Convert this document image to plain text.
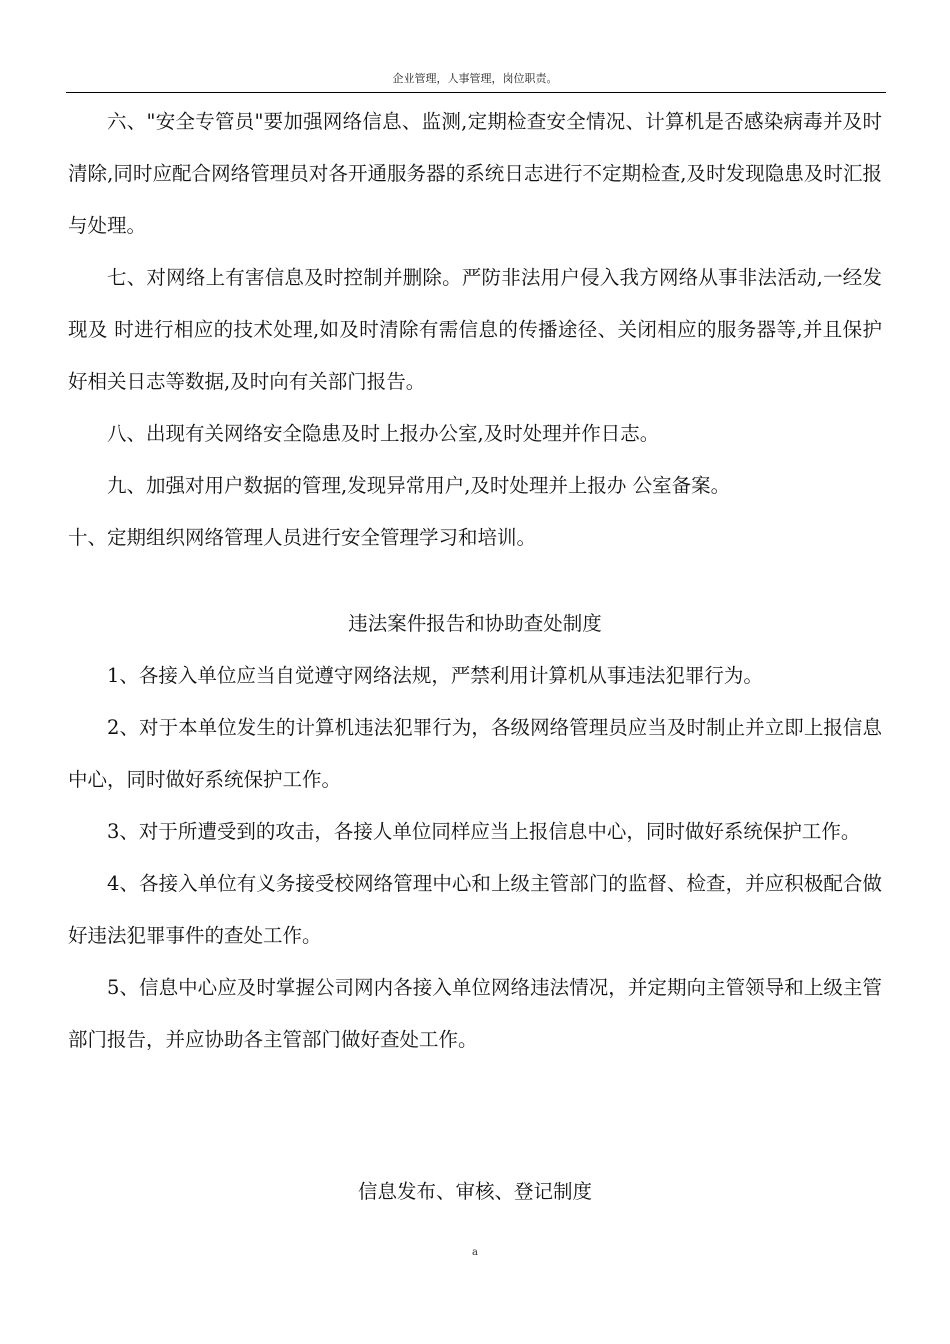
企业管理，人事管理，岗位职责。

六、"安全专管员"要加强网络信息、监测,定期检查安全情况、计算机是否感染病毒并及时清除,同时应配合网络管理员对各开通服务器的系统日志进行不定期检查,及时发现隐患及时汇报与处理。

七、对网络上有害信息及时控制并删除。严防非法用户侵入我方网络从事非法活动,一经发现及 时进行相应的技术处理,如及时清除有需信息的传播途径、关闭相应的服务器等,并且保护好相关日志等数据,及时向有关部门报告。

八、出现有关网络安全隐患及时上报办公室,及时处理并作日志。

九、加强对用户数据的管理,发现异常用户,及时处理并上报办 公室备案。

十、定期组织网络管理人员进行安全管理学习和培训。

违法案件报告和协助查处制度

1、各接入单位应当自觉遵守网络法规，严禁利用计算机从事违法犯罪行为。

2、对于本单位发生的计算机违法犯罪行为，各级网络管理员应当及时制止并立即上报信息中心，同时做好系统保护工作。

3、对于所遭受到的攻击，各接人单位同样应当上报信息中心，同时做好系统保护工作。

4、各接入单位有义务接受校网络管理中心和上级主管部门的监督、检查，并应积极配合做好违法犯罪事件的查处工作。

5、信息中心应及时掌握公司网内各接入单位网络违法情况，并定期向主管领导和上级主管部门报告，并应协助各主管部门做好查处工作。

信息发布、审核、登记制度

a
